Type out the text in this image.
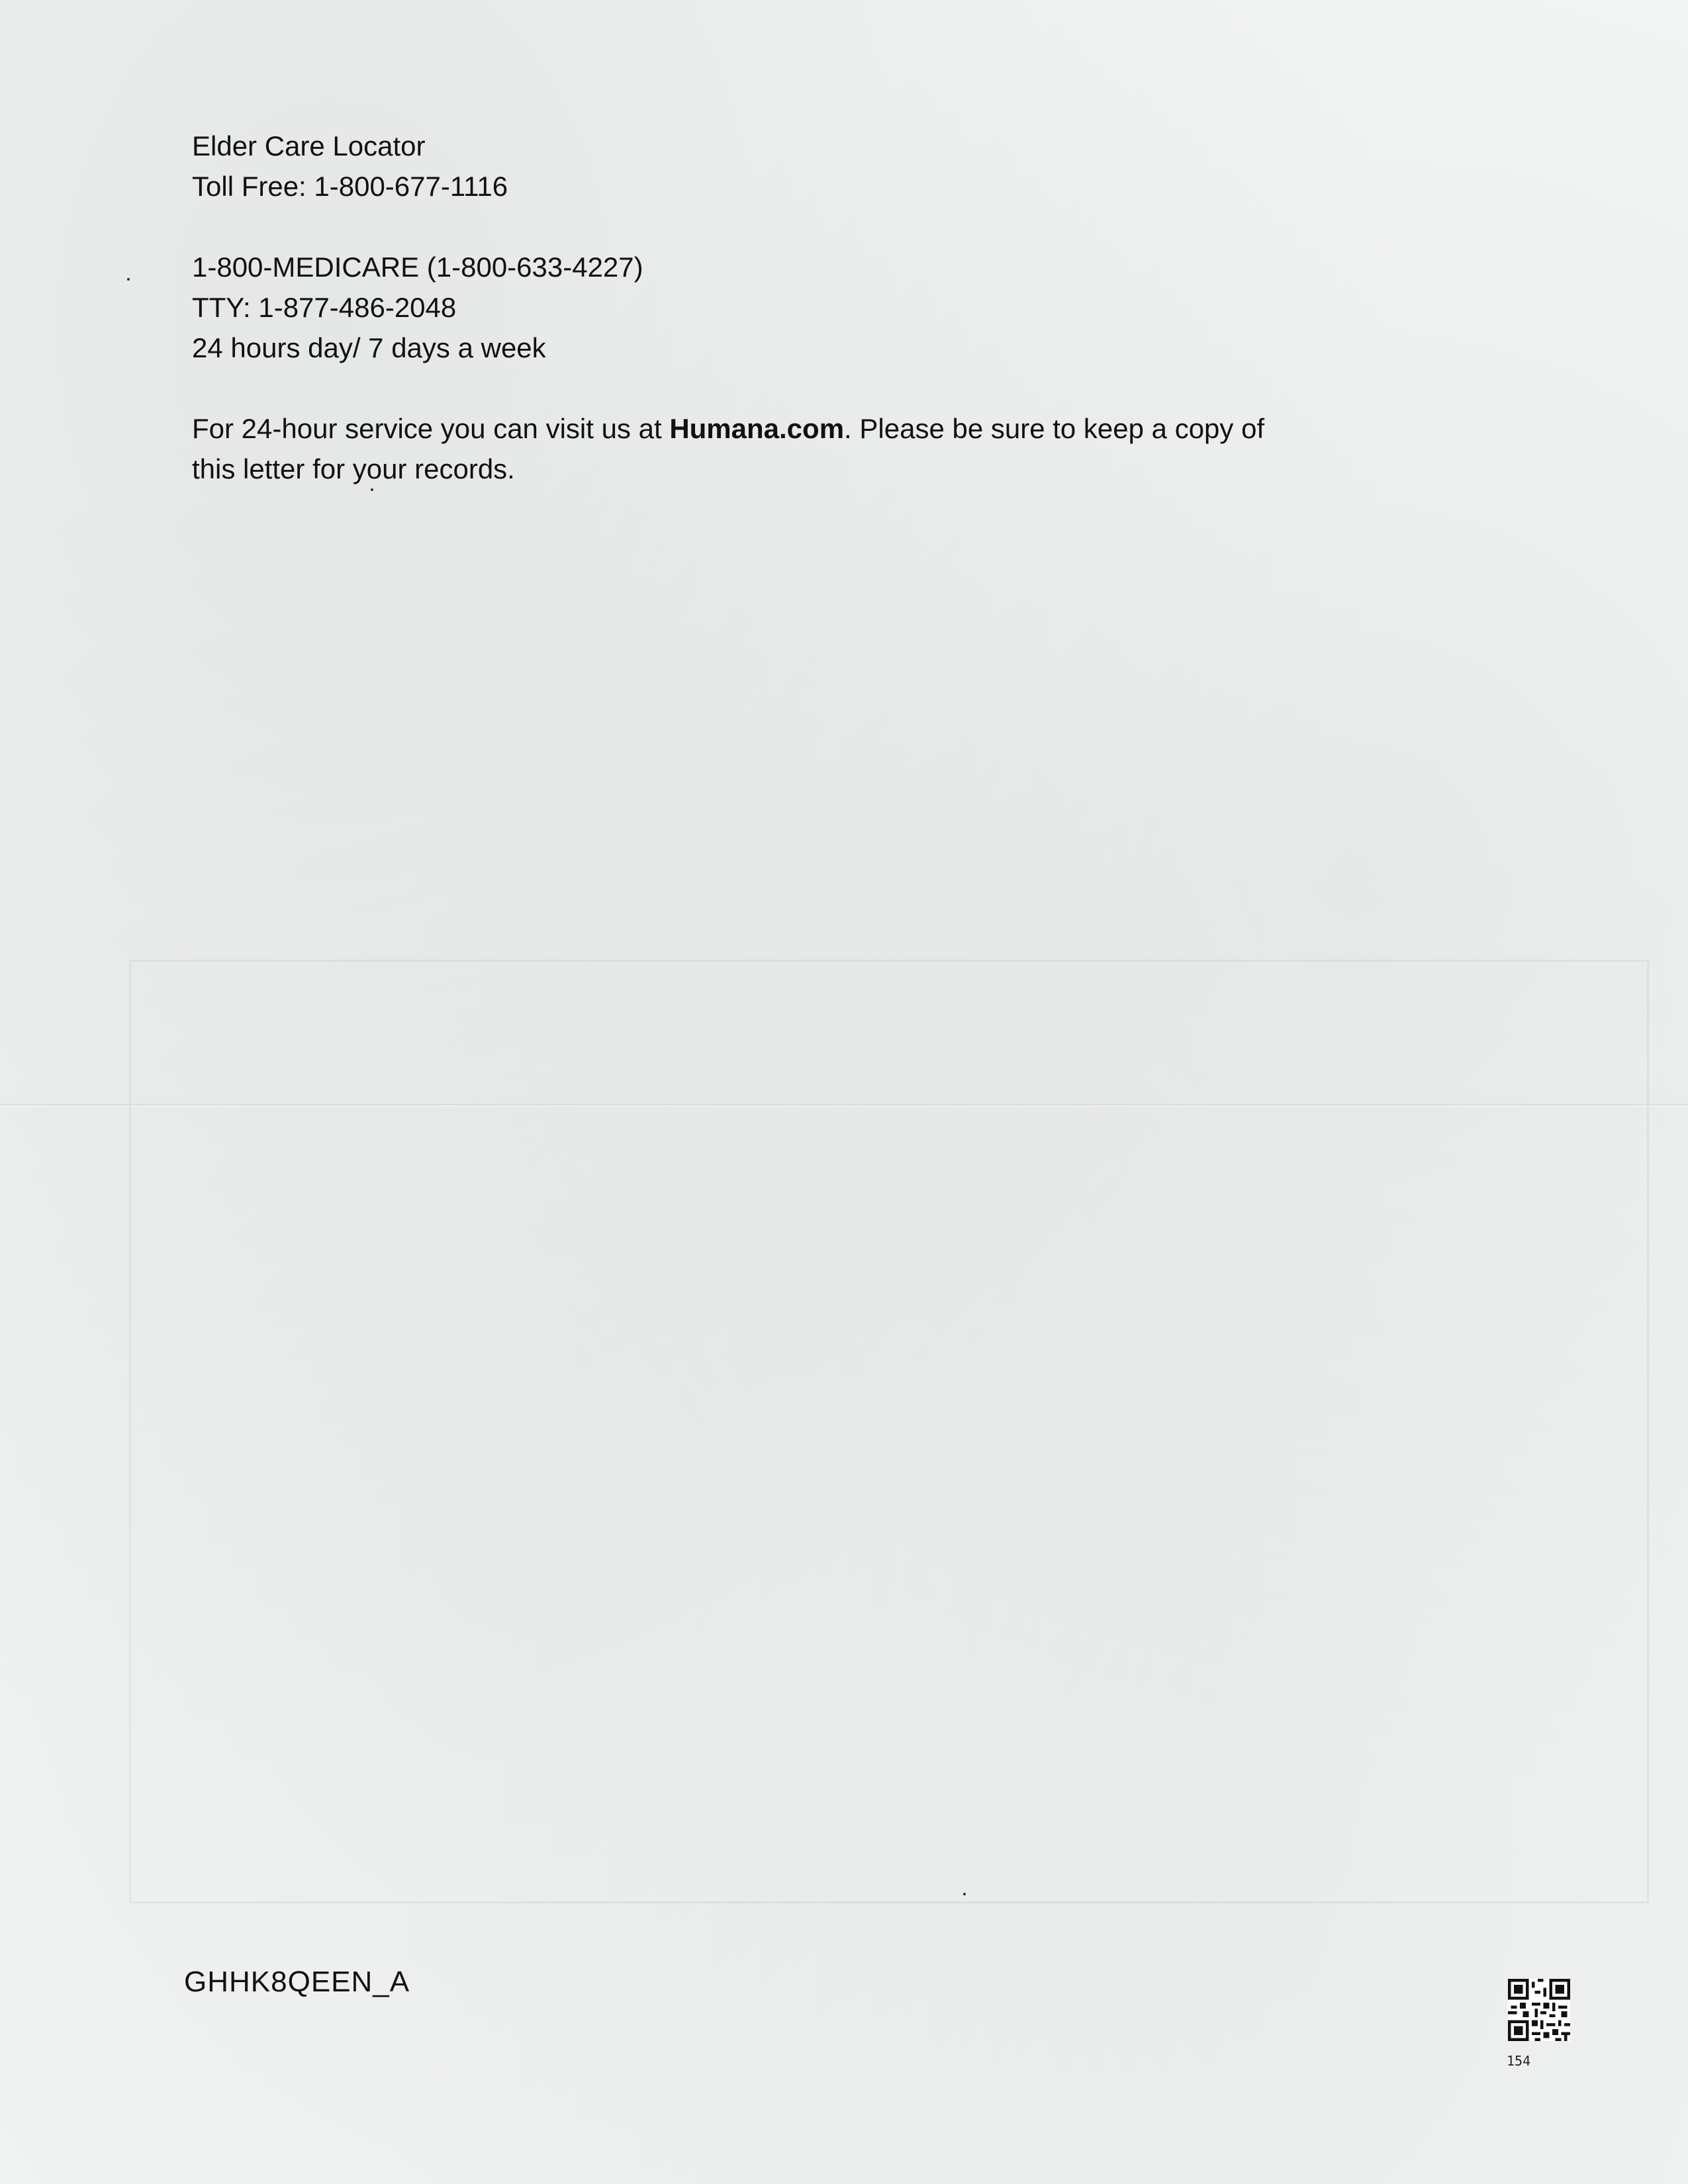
Elder Care Locator

Toll Free: 1-800-677-1116

1-800-MEDICARE (1-800-633-4227)

TTY: 1-877-486-2048

24 hours day/ 7 days a week

For 24-hour service you can visit us at Humana.com. Please be sure to keep a copy of

this letter for your records.

GHHK8QEEN_A
154
